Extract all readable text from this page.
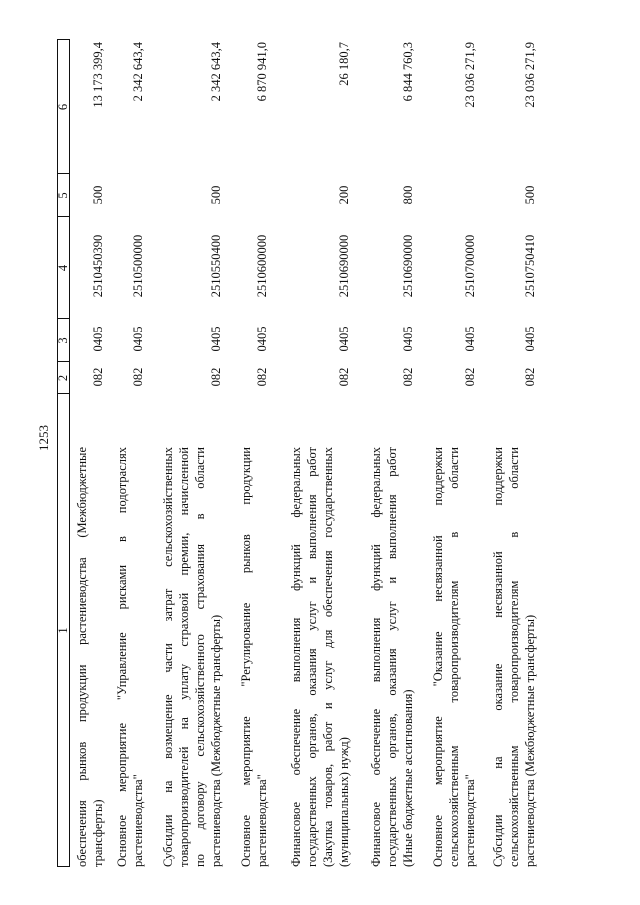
1253
1
2
3
4
5
6
обеспечения рынков продукции растениеводства (Межбюджетные трансферты)
082
0405
2510450390
500
13 173 399,4
Основное мероприятие "Управление рисками в подотраслях растениеводства"
082
0405
2510500000
2 342 643,4
Субсидии на возмещение части затрат сельскохозяйственных товаропроизводителей на уплату страховой премии, начисленной по договору сельскохозяйственного страхования в области растениеводства (Межбюджетные трансферты)
082
0405
2510550400
500
2 342 643,4
Основное мероприятие "Регулирование рынков продукции растениеводства"
082
0405
2510600000
6 870 941,0
Финансовое обеспечение выполнения функций федеральных государственных органов, оказания услуг и выполнения работ (Закупка товаров, работ и услуг для обеспечения государственных (муниципальных) нужд)
082
0405
2510690000
200
26 180,7
Финансовое обеспечение выполнения функций федеральных государственных органов, оказания услуг и выполнения работ (Иные бюджетные ассигнования)
082
0405
2510690000
800
6 844 760,3
Основное мероприятие "Оказание несвязанной поддержки сельскохозяйственным товаропроизводителям в области растениеводства"
082
0405
2510700000
23 036 271,9
Субсидии на оказание несвязанной поддержки сельскохозяйственным товаропроизводителям в области растениеводства (Межбюджетные трансферты)
082
0405
2510750410
500
23 036 271,9
